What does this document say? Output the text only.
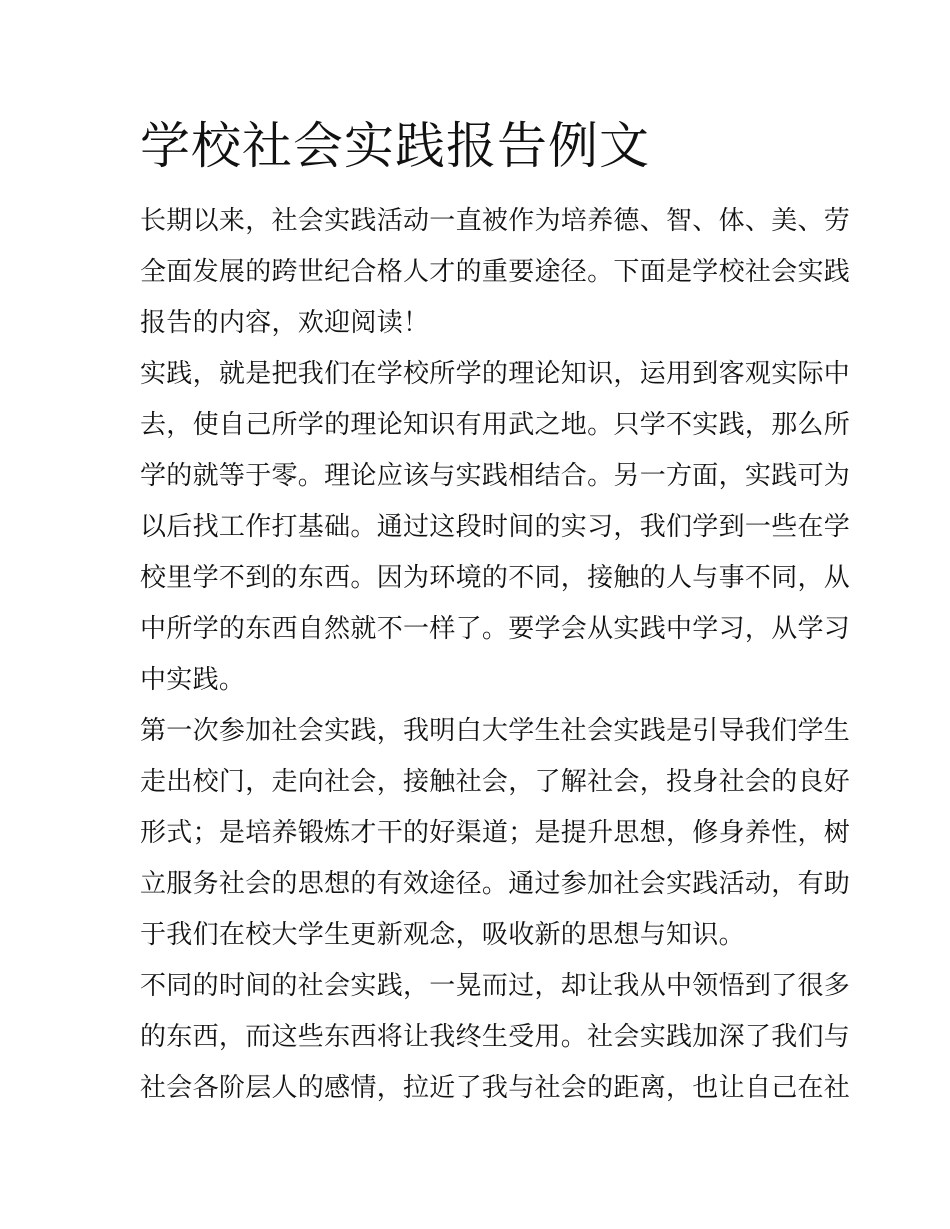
学校社会实践报告例文

长期以来，社会实践活动一直被作为培养德、智、体、美、劳
全面发展的跨世纪合格人才的重要途径。下面是学校社会实践
报告的内容，欢迎阅读！

实践，就是把我们在学校所学的理论知识，运用到客观实际中
去，使自己所学的理论知识有用武之地。只学不实践，那么所
学的就等于零。理论应该与实践相结合。另一方面，实践可为
以后找工作打基础。通过这段时间的实习，我们学到一些在学
校里学不到的东西。因为环境的不同，接触的人与事不同，从
中所学的东西自然就不一样了。要学会从实践中学习，从学习
中实践。

第一次参加社会实践，我明白大学生社会实践是引导我们学生
走出校门，走向社会，接触社会，了解社会，投身社会的良好
形式；是培养锻炼才干的好渠道；是提升思想，修身养性，树
立服务社会的思想的有效途径。通过参加社会实践活动，有助
于我们在校大学生更新观念，吸收新的思想与知识。

不同的时间的社会实践，一晃而过，却让我从中领悟到了很多
的东西，而这些东西将让我终生受用。社会实践加深了我们与
社会各阶层人的感情，拉近了我与社会的距离，也让自己在社
